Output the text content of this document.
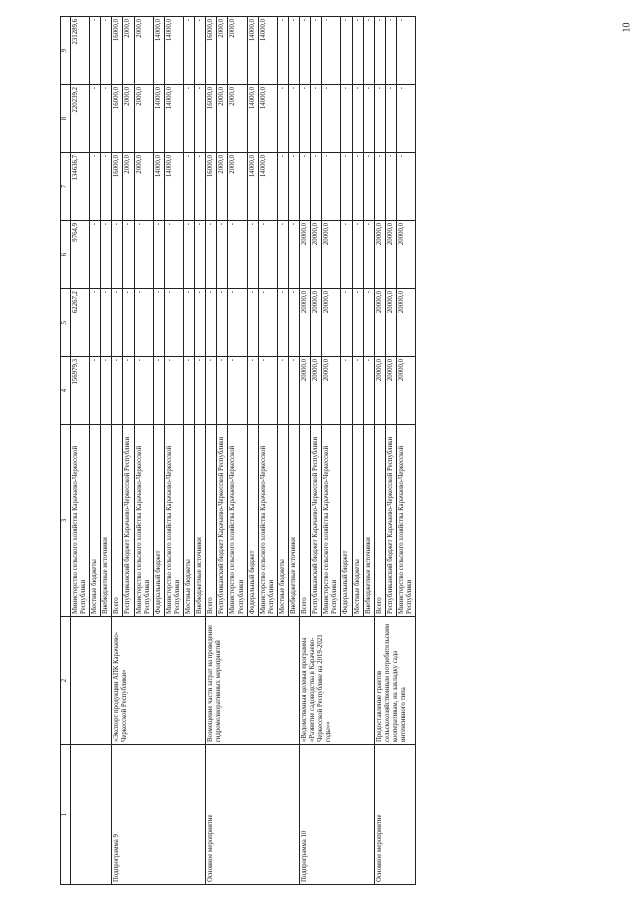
10
1	2	3	4	5	6	7	8	9
		Министерство сельского хозяйства Карачаево-Черкесской Республики	156979,3	62267,2	9764,9	134636,7	220239,2	231289,6
		Местные бюджеты	-	-	-	-	-	-
		Внебюджетные источники	-	-	-	-	-	-
Подпрограмма 9	«Экспорт продукции АПК Карачаево-Черкесской Республики»	Всего	-	-	-	16000,0	16000,0	16000,0
		Республиканский бюджет Карачаево-Черкесской Республики	-	-	-	2000,0	2000,0	2000,0
		Министерство сельского хозяйства Карачаево-Черкесской Республики	-	-	-	2000,0	2000,0	2000,0
		Федеральный бюджет	-	-	-	14000,0	14000,0	14000,0
		Министерство сельского хозяйства Карачаево-Черкесской Республики	-	-	-	14000,0	14000,0	14000,0
		Местные бюджеты	-	-	-	-	-	-
		Внебюджетные источники	-	-	-	-	-	-
Основное мероприятие	Возмещение части затрат на проведение гидромелиоративных мероприятий	Всего	-	-	-	16000,0	16000,0	16000,0
		Республиканский бюджет Карачаево-Черкесской Республики	-	-	-	2000,0	2000,0	2000,0
		Министерство сельского хозяйства Карачаево-Черкесской Республики	-	-	-	2000,0	2000,0	2000,0
		Федеральный бюджет	-	-	-	14000,0	14000,0	14000,0
		Министерство сельского хозяйства Карачаево-Черкесской Республики	-	-	-	14000,0	14000,0	14000,0
		Местные бюджеты	-	-	-	-	-	-
		Внебюджетные источники	-	-	-	-	-	-
Подпрограмма 10	«Ведомственная целевая программа «Развитие садоводства в Карачаево-Черкесской Республике на 2019-2021 годы»»	Всего	20000,0	20000,0	20000,0	-	-	-
		Республиканский бюджет Карачаево-Черкесской Республики	20000,0	20000,0	20000,0	-	-	-
		Министерство сельского хозяйства Карачаево-Черкесской Республики	20000,0	20000,0	20000,0	-	-	-
		Федеральный бюджет	-	-	-	-	-	-
		Местные бюджеты	-	-	-	-	-	-
		Внебюджетные источники	-	-	-	-	-	-
Основное мероприятие	Предоставление грантов сельскохозяйственным потребительским кооперативам, на закладку сада интенсивного типа	Всего	20000,0	20000,0	20000,0	-	-	-
		Республиканский бюджет Карачаево-Черкесской Республики	20000,0	20000,0	20000,0	-	-	-
		Министерство сельского хозяйства Карачаево-Черкесской Республики	20000,0	20000,0	20000,0	-	-	-
